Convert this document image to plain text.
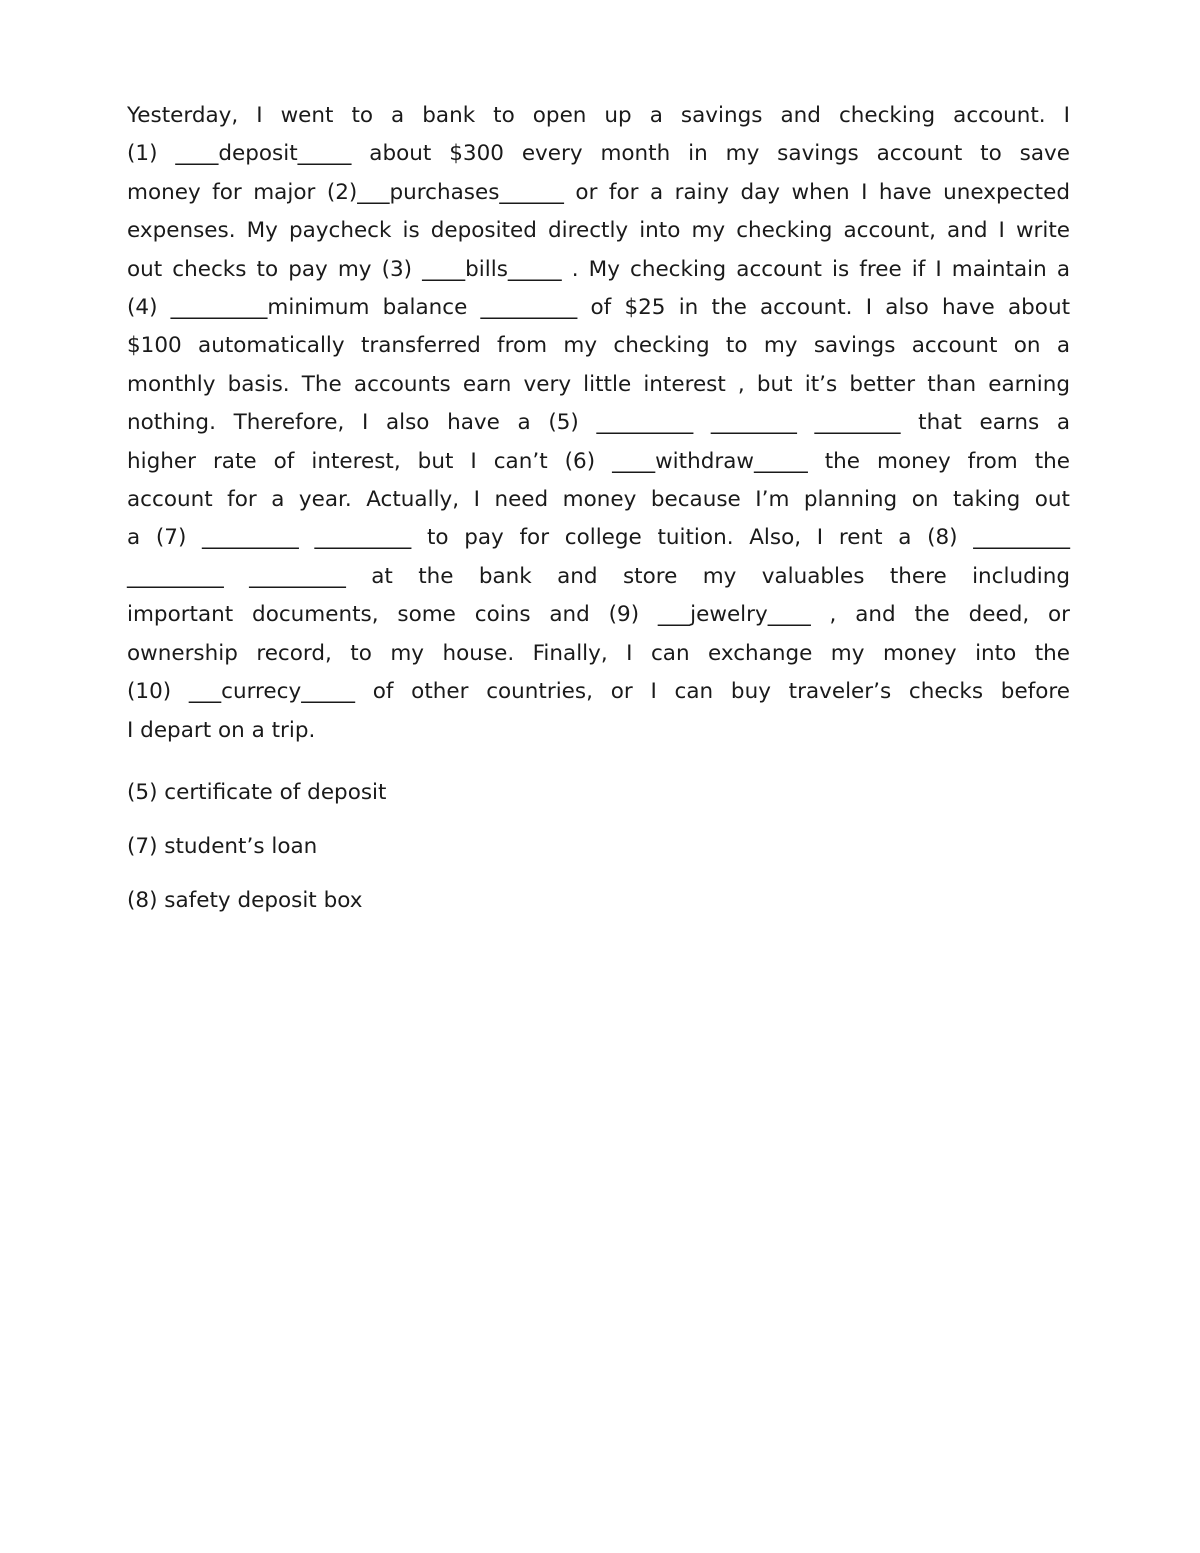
Yesterday, I went to a bank to open up a savings and checking account. I
(1) ____deposit_____ about $300 every month in my savings account to save
money for major (2)___purchases______ or for a rainy day when I have unexpected
expenses. My paycheck is deposited directly into my checking account, and I write
out checks to pay my (3) ____bills_____ . My checking account is free if I maintain a
(4) _________minimum balance _________ of $25 in the account. I also have about
$100 automatically transferred from my checking to my savings account on a
monthly basis. The accounts earn very little interest , but it’s better than earning
nothing. Therefore, I also have a (5) _________ ________ ________ that earns a
higher rate of interest, but I can’t (6) ____withdraw_____ the money from the
account for a year. Actually, I need money because I’m planning on taking out
a (7) _________ _________ to pay for college tuition. Also, I rent a (8) _________
_________ _________ at the bank and store my valuables there including
important documents, some coins and (9) ___jewelry____ , and the deed, or
ownership record, to my house. Finally, I can exchange my money into the
(10) ___currecy_____ of other countries, or I can buy traveler’s checks before
I depart on a trip.

(5) certificate of deposit

(7) student’s loan

(8) safety deposit box
